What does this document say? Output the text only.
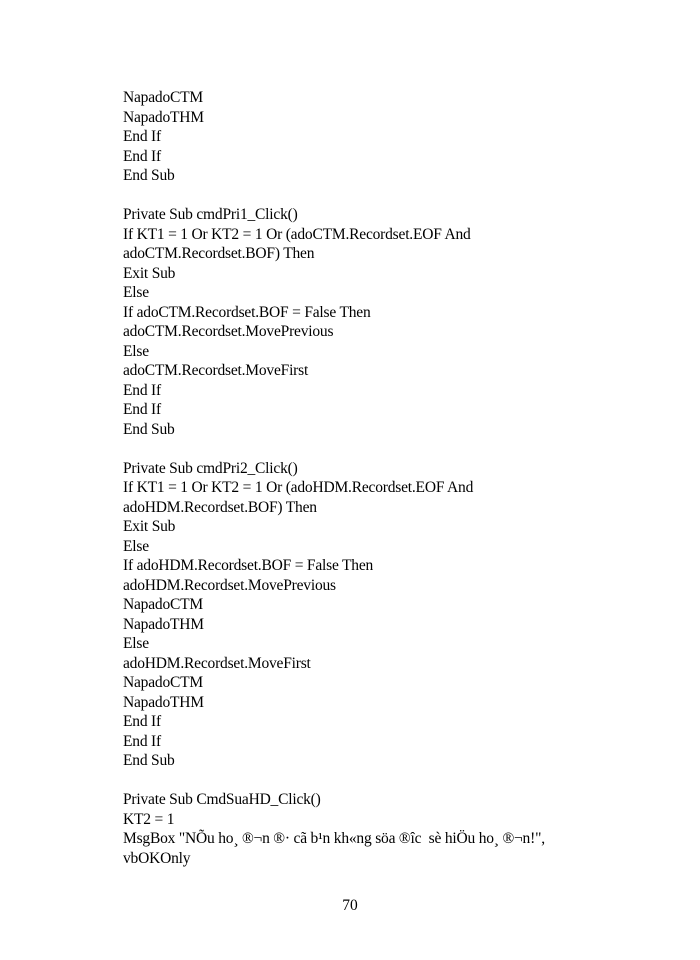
NapadoCTM
NapadoTHM
End If
End If
End Sub
Private Sub cmdPri1_Click()
If KT1 = 1 Or KT2 = 1 Or (adoCTM.Recordset.EOF And
adoCTM.Recordset.BOF) Then
Exit Sub
Else
If adoCTM.Recordset.BOF = False Then
adoCTM.Recordset.MovePrevious
Else
adoCTM.Recordset.MoveFirst
End If
End If
End Sub
Private Sub cmdPri2_Click()
If KT1 = 1 Or KT2 = 1 Or (adoHDM.Recordset.EOF And
adoHDM.Recordset.BOF) Then
Exit Sub
Else
If adoHDM.Recordset.BOF = False Then
adoHDM.Recordset.MovePrevious
NapadoCTM
NapadoTHM
Else
adoHDM.Recordset.MoveFirst
NapadoCTM
NapadoTHM
End If
End If
End Sub
Private Sub CmdSuaHD_Click()
KT2 = 1
MsgBox "NÕu ho¸ ®¬n ®· cã b¹n kh«ng söa ®îc  sè hiÖu ho¸ ®¬n!",
vbOKOnly
70
